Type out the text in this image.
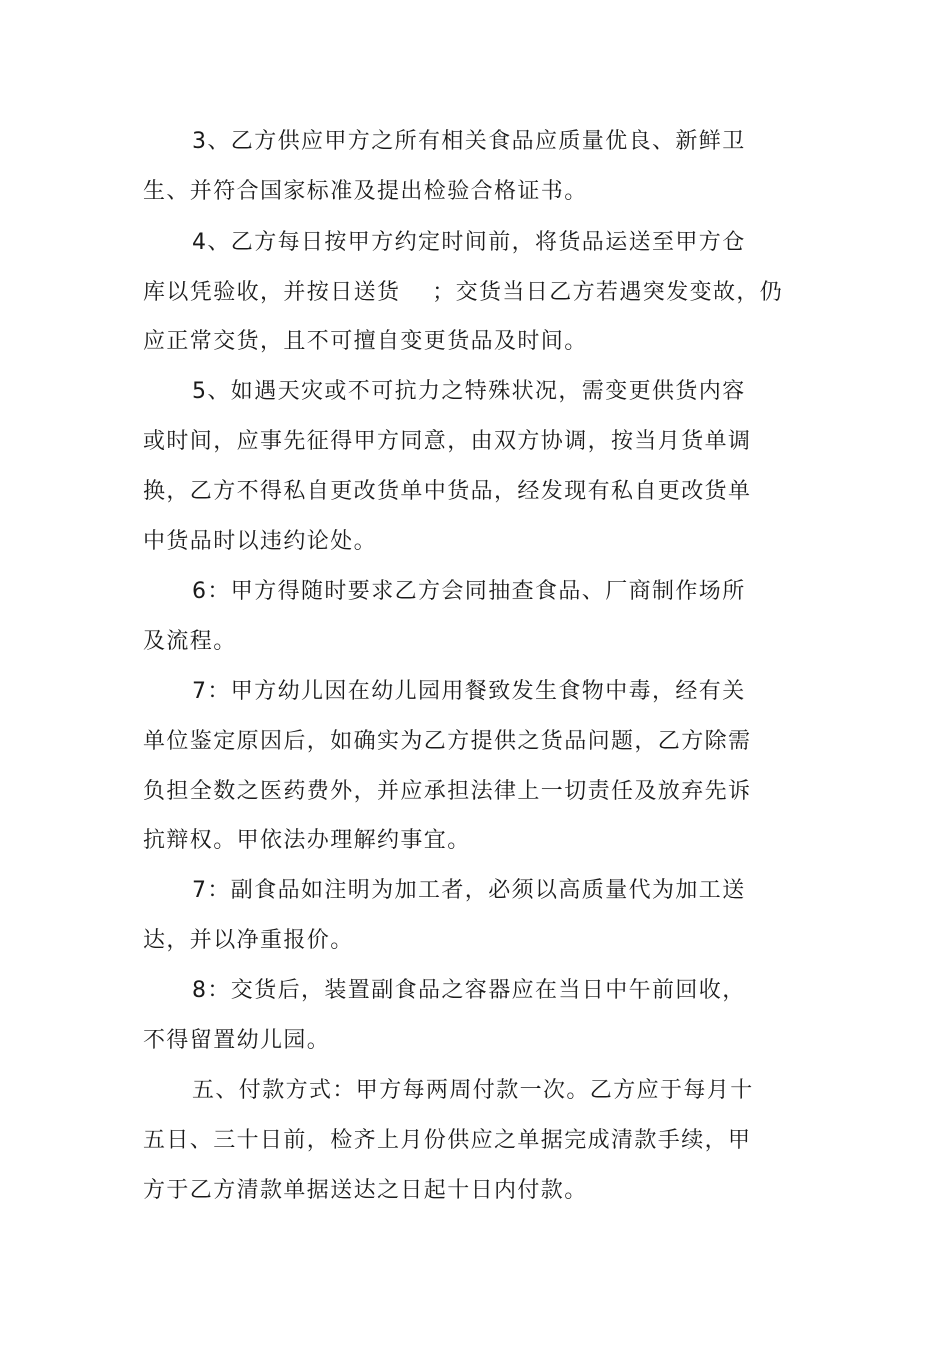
3、乙方供应甲方之所有相关食品应质量优良、新鲜卫
生、并符合国家标准及提出检验合格证书。
4、乙方每日按甲方约定时间前，将货品运送至甲方仓
库以凭验收，并按日送货　 ；交货当日乙方若遇突发变故，仍
应正常交货，且不可擅自变更货品及时间。
5、如遇天灾或不可抗力之特殊状况，需变更供货内容
或时间，应事先征得甲方同意，由双方协调，按当月货单调
换，乙方不得私自更改货单中货品，经发现有私自更改货单
中货品时以违约论处。
6：甲方得随时要求乙方会同抽查食品、厂商制作场所
及流程。
7：甲方幼儿因在幼儿园用餐致发生食物中毒，经有关
单位鉴定原因后，如确实为乙方提供之货品问题，乙方除需
负担全数之医药费外，并应承担法律上一切责任及放弃先诉
抗辩权。甲依法办理解约事宜。
7：副食品如注明为加工者，必须以高质量代为加工送
达，并以净重报价。
8：交货后，装置副食品之容器应在当日中午前回收，
不得留置幼儿园。
五、付款方式：甲方每两周付款一次。乙方应于每月十
五日、三十日前，检齐上月份供应之单据完成清款手续，甲
方于乙方清款单据送达之日起十日内付款。
